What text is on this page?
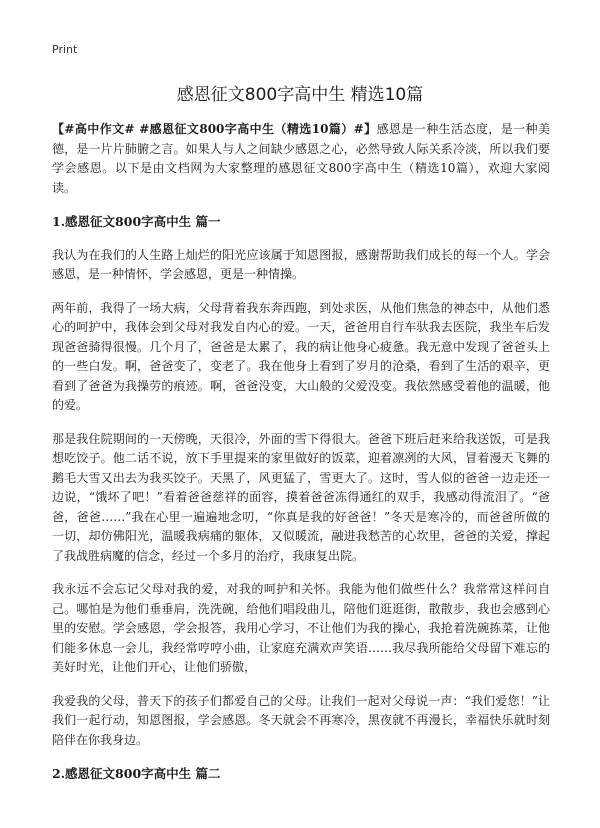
Print
感恩征文800字高中生 精选10篇

【#高中作文# #感恩征文800字高中生（精选10篇）#】感恩是一种生活态度，是一种美德，是一片片肺腑之言。如果人与人之间缺少感恩之心，必然导致人际关系冷淡，所以我们要学会感恩。以下是由文档网为大家整理的感恩征文800字高中生（精选10篇），欢迎大家阅读。

1.感恩征文800字高中生 篇一

我认为在我们的人生路上灿烂的阳光应该属于知恩图报，感谢帮助我们成长的每一个人。学会感恩，是一种情怀，学会感恩，更是一种情操。

两年前，我得了一场大病，父母背着我东奔西跑，到处求医，从他们焦急的神态中，从他们悉心的呵护中，我体会到父母对我发自内心的爱。一天，爸爸用自行车驮我去医院，我坐车后发现爸爸骑得很慢。几个月了，爸爸是太累了，我的病让他身心疲惫。我无意中发现了爸爸头上的一些白发。啊，爸爸变了，变老了。我在他身上看到了岁月的沧桑，看到了生活的艰辛，更看到了爸爸为我操劳的痕迹。啊，爸爸没变，大山般的父爱没变。我依然感受着他的温暖，他的爱。

那是我住院期间的一天傍晚，天很冷，外面的雪下得很大。爸爸下班后赶来给我送饭，可是我想吃饺子。他二话不说，放下手里提来的家里做好的饭菜，迎着凛冽的大风，冒着漫天飞舞的鹅毛大雪又出去为我买饺子。天黑了，风更猛了，雪更大了。这时，雪人似的爸爸一边走还一边说，“饿坏了吧！”看着爸爸慈祥的面容，摸着爸爸冻得通红的双手，我感动得流泪了。“爸爸，爸爸……”我在心里一遍遍地念叨，“你真是我的好爸爸！”冬天是寒冷的，而爸爸所做的一切，却仿佛阳光，温暖我病痛的躯体，又似暖流，融进我愁苦的心坎里，爸爸的关爱，撑起了我战胜病魔的信念，经过一个多月的治疗，我康复出院。

我永远不会忘记父母对我的爱，对我的呵护和关怀。我能为他们做些什么？我常常这样问自己。哪怕是为他们垂垂肩，洗洗碗，给他们唱段曲儿，陪他们逛逛街，散散步，我也会感到心里的安慰。学会感恩，学会报答，我用心学习，不让他们为我的操心，我抢着洗碗拣菜，让他们能多休息一会儿，我经常哼哼小曲，让家庭充满欢声笑语……我尽我所能给父母留下难忘的美好时光，让他们开心，让他们骄傲，

我爱我的父母，普天下的孩子们都爱自己的父母。让我们一起对父母说一声：“我们爱您！”让我们一起行动，知恩图报，学会感恩。冬天就会不再寒冷，黑夜就不再漫长，幸福快乐就时刻陪伴在你我身边。

2.感恩征文800字高中生 篇二
